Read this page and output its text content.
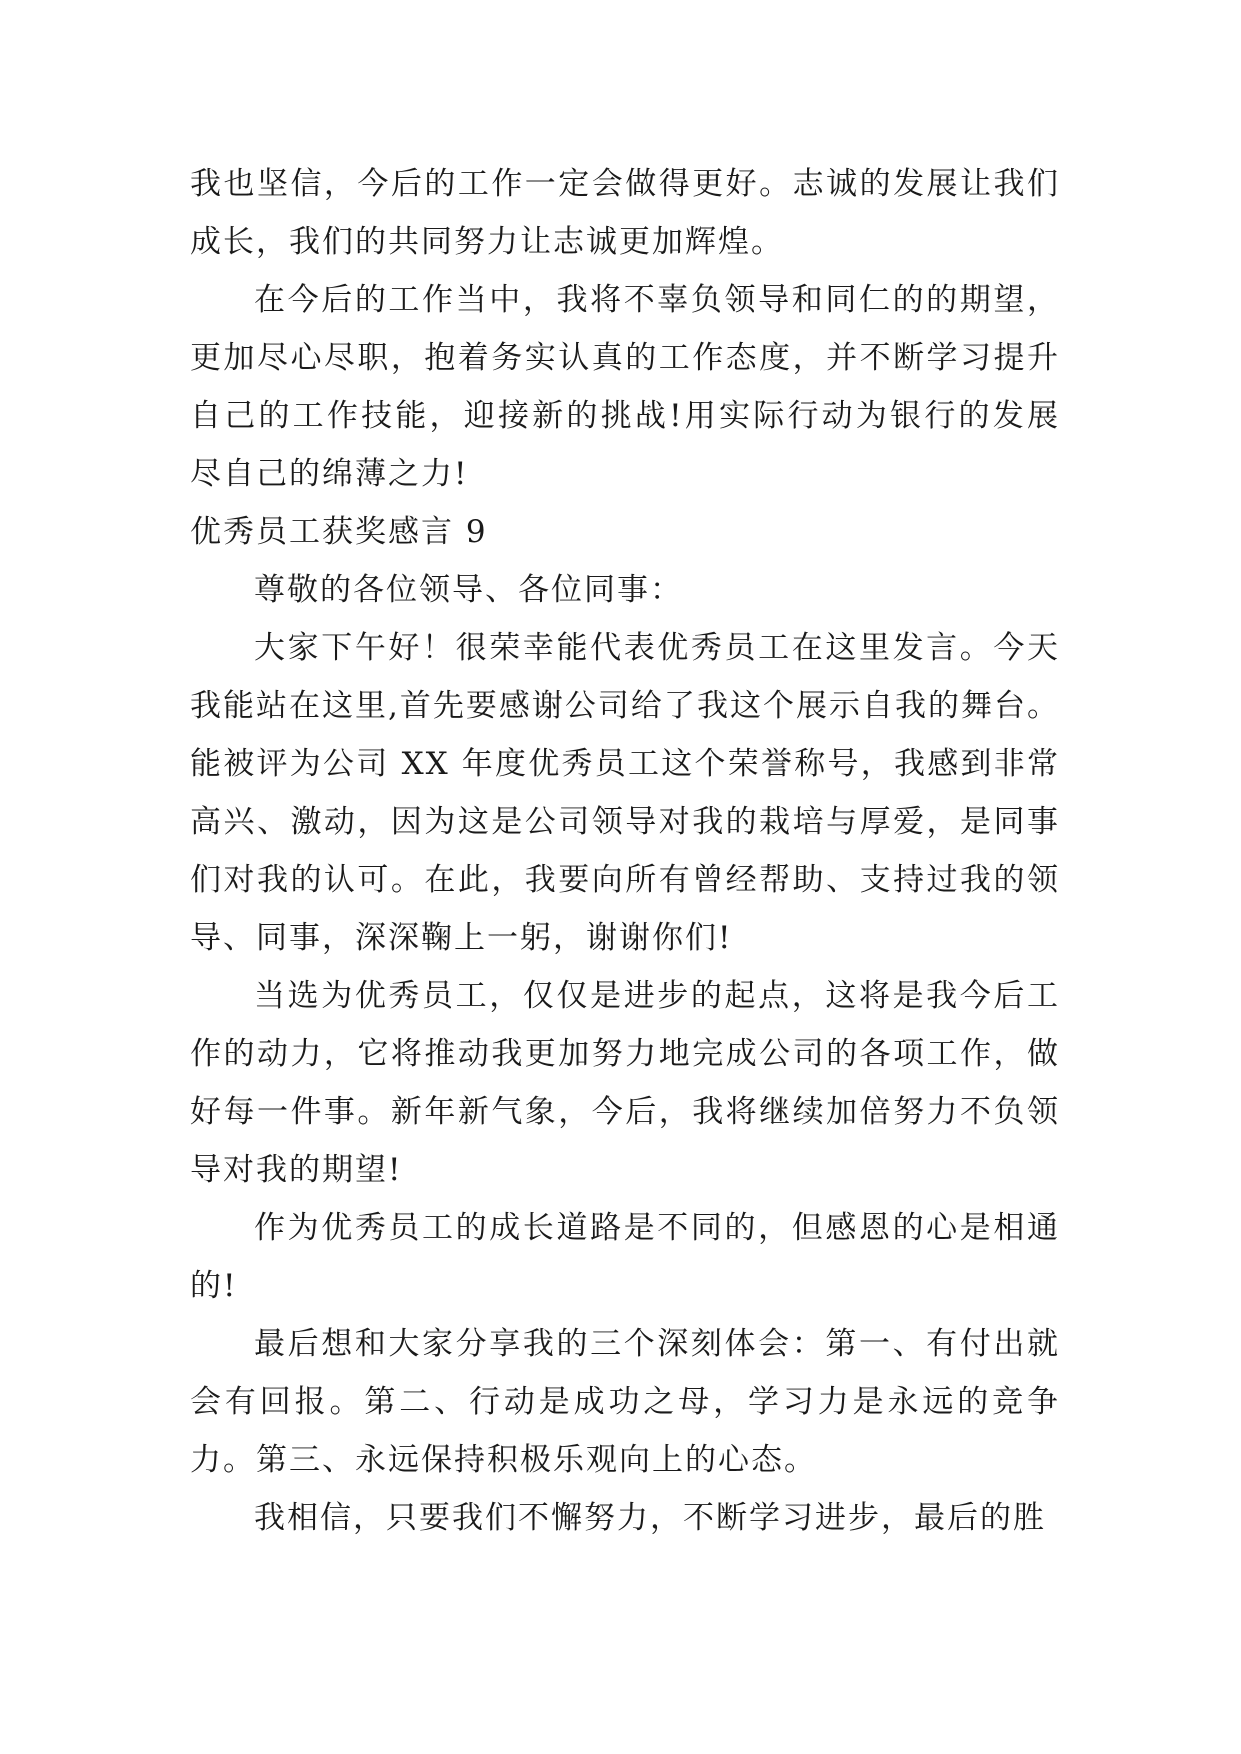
我也坚信，今后的工作一定会做得更好。志诚的发展让我们成长，我们的共同努力让志诚更加辉煌。

在今后的工作当中，我将不辜负领导和同仁的的期望，更加尽心尽职，抱着务实认真的工作态度，并不断学习提升自己的工作技能，迎接新的挑战!用实际行动为银行的发展尽自己的绵薄之力!

优秀员工获奖感言 9

尊敬的各位领导、各位同事：

大家下午好！很荣幸能代表优秀员工在这里发言。今天我能站在这里,首先要感谢公司给了我这个展示自我的舞台。能被评为公司 XX 年度优秀员工这个荣誉称号，我感到非常高兴、激动，因为这是公司领导对我的栽培与厚爱，是同事们对我的认可。在此，我要向所有曾经帮助、支持过我的领导、同事，深深鞠上一躬，谢谢你们!

当选为优秀员工，仅仅是进步的起点，这将是我今后工作的动力，它将推动我更加努力地完成公司的各项工作，做好每一件事。新年新气象，今后，我将继续加倍努力不负领导对我的期望!

作为优秀员工的成长道路是不同的，但感恩的心是相通的!

最后想和大家分享我的三个深刻体会：第一、有付出就会有回报。第二、行动是成功之母，学习力是永远的竞争力。第三、永远保持积极乐观向上的心态。

我相信，只要我们不懈努力，不断学习进步，最后的胜
